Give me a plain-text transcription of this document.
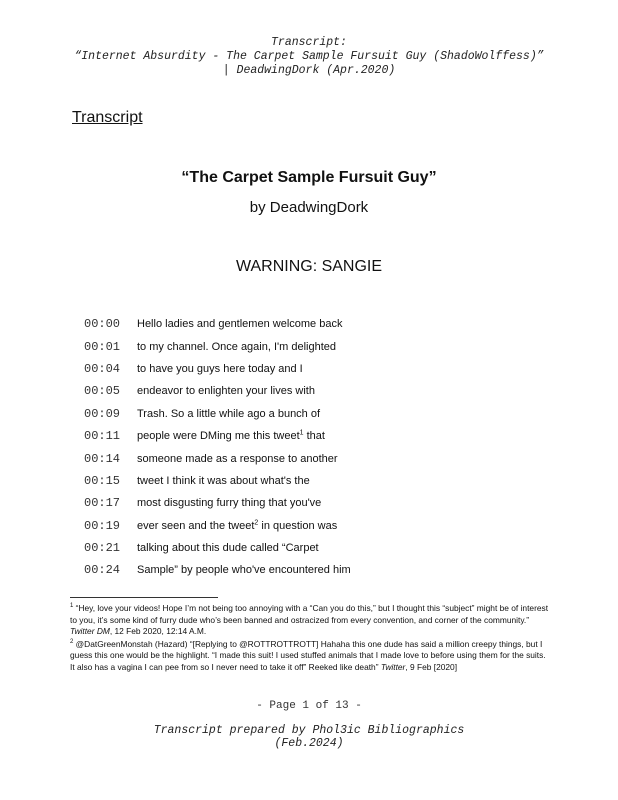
Transcript:
“Internet Absurdity - The Carpet Sample Fursuit Guy (ShadoWolffess)”
| DeadwingDork (Apr.2020)
Transcript
“The Carpet Sample Fursuit Guy”
by DeadwingDork
WARNING: SANGIE
00:00	Hello ladies and gentlemen welcome back
00:01	to my channel. Once again, I'm delighted
00:04	to have you guys here today and I
00:05	endeavor to enlighten your lives with
00:09	Trash. So a little while ago a bunch of
00:11	people were DMing me this tweet$^1$ that
00:14	someone made as a response to another
00:15	tweet I think it was about what's the
00:17	most disgusting furry thing that you've
00:19	ever seen and the tweet$^2$ in question was
00:21	talking about this dude called “Carpet
00:24	Sample” by people who've encountered him
$^1$ “Hey, love your videos! Hope I’m not being too annoying with a “Can you do this,” but I thought this “subject” might be of interest to you, it’s some kind of furry dude who’s been banned and ostracized from every convention, and corner of the community.” Twitter DM, 12 Feb 2020, 12:14 A.M.
$^2$ @DatGreenMonstah (Hazard) “[Replying to @ROTTROTTROTT] Hahaha this one dude has said a million creepy things, but I guess this one would be the highlight. “I made this suit! I used stuffed animals that I made love to before using them for the suits. It also has a vagina I can pee from so I never need to take it off” Reeked like death” Twitter, 9 Feb [2020]
- Page 1 of 13 -
Transcript prepared by Phol3ic Bibliographics
(Feb.2024)
